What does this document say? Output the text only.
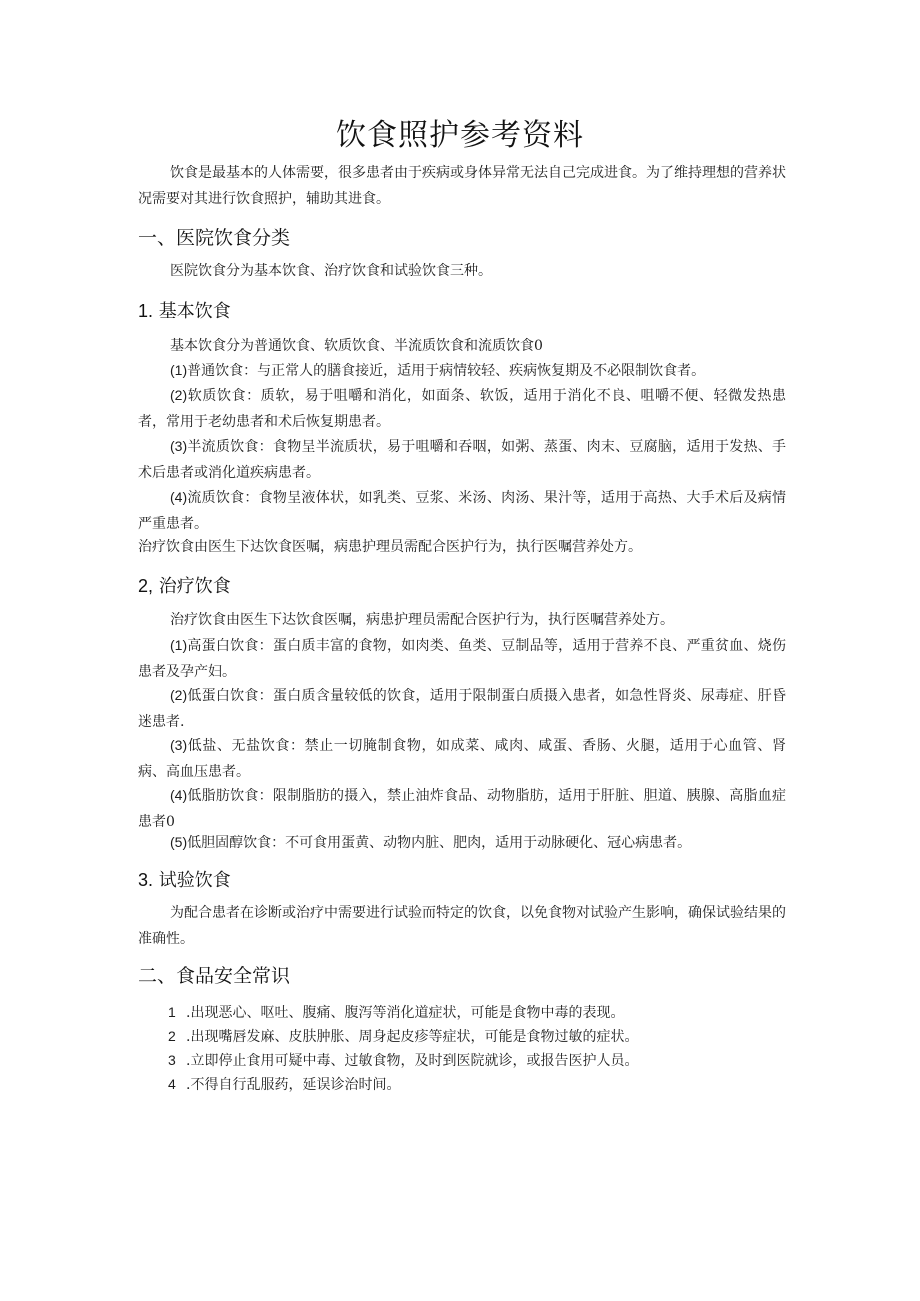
饮食照护参考资料

饮食是最基本的人体需要，很多患者由于疾病或身体异常无法自己完成进食。为了维持理想的营养状况需要对其进行饮食照护，辅助其进食。

一、医院饮食分类

医院饮食分为基本饮食、治疗饮食和试验饮食三种。

1. 基本饮食

基本饮食分为普通饮食、软质饮食、半流质饮食和流质饮食0

(1)普通饮食：与正常人的膳食接近，适用于病情较轻、疾病恢复期及不必限制饮食者。

(2)软质饮食：质软，易于咀嚼和消化，如面条、软饭，适用于消化不良、咀嚼不便、轻微发热患者，常用于老幼患者和术后恢复期患者。

(3)半流质饮食：食物呈半流质状，易于咀嚼和吞咽，如粥、蒸蛋、肉末、豆腐脑，适用于发热、手术后患者或消化道疾病患者。

(4)流质饮食：食物呈液体状，如乳类、豆浆、米汤、肉汤、果汁等，适用于高热、大手术后及病情严重患者。

治疗饮食由医生下达饮食医嘱，病患护理员需配合医护行为，执行医嘱营养处方。

2, 治疗饮食

治疗饮食由医生下达饮食医嘱，病患护理员需配合医护行为，执行医嘱营养处方。

(1)高蛋白饮食：蛋白质丰富的食物，如肉类、鱼类、豆制品等，适用于营养不良、严重贫血、烧伤患者及孕产妇。

(2)低蛋白饮食：蛋白质含量较低的饮食，适用于限制蛋白质摄入患者，如急性肾炎、尿毒症、肝昏迷患者.

(3)低盐、无盐饮食：禁止一切腌制食物，如成菜、咸肉、咸蛋、香肠、火腿，适用于心血管、肾病、高血压患者。

(4)低脂肪饮食：限制脂肪的摄入，禁止油炸食品、动物脂肪，适用于肝脏、胆道、胰腺、高脂血症患者0

(5)低胆固醇饮食：不可食用蛋黄、动物内脏、肥肉，适用于动脉硬化、冠心病患者。

3. 试验饮食

为配合患者在诊断或治疗中需要进行试验而特定的饮食，以免食物对试验产生影响，确保试验结果的准确性。

二、食品安全常识
1 .出现恶心、呕吐、腹痛、腹泻等消化道症状，可能是食物中毒的表现。
2 .出现嘴唇发麻、皮肤肿胀、周身起皮疹等症状，可能是食物过敏的症状。
3 .立即停止食用可疑中毒、过敏食物，及时到医院就诊，或报告医护人员。
4 .不得自行乱服药，延误诊治时间。
